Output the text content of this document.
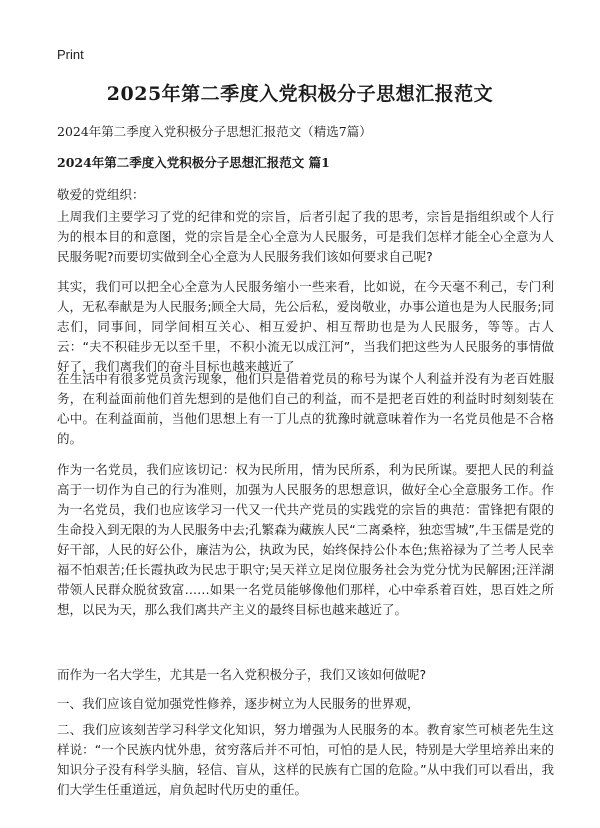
Print
2025年第二季度入党积极分子思想汇报范文

2024年第二季度入党积极分子思想汇报范文（精选7篇）

2024年第二季度入党积极分子思想汇报范文 篇1

敬爱的党组织：

上周我们主要学习了党的纪律和党的宗旨，后者引起了我的思考，宗旨是指组织或个人行为的根本目的和意图，党的宗旨是全心全意为人民服务，可是我们怎样才能全心全意为人民服务呢?而要切实做到全心全意为人民服务我们该如何要求自己呢?

其实，我们可以把全心全意为人民服务缩小一些来看，比如说，在今天毫不利己，专门利人，无私奉献是为人民服务;顾全大局，先公后私，爱岗敬业，办事公道也是为人民服务;同志们，同事间，同学间相互关心、相互爱护、相互帮助也是为人民服务，等等。古人云：“夫不积硅步无以至千里，不积小流无以成江河”，当我们把这些为人民服务的事情做好了，我们离我们的奋斗目标也越来越近了

在生活中有很多党员贪污现象，他们只是借着党员的称号为谋个人利益并没有为老百姓服务，在利益面前他们首先想到的是他们自己的利益，而不是把老百姓的利益时时刻刻装在心中。在利益面前，当他们思想上有一丁儿点的犹豫时就意味着作为一名党员他是不合格的。

作为一名党员，我们应该切记：权为民所用，情为民所系，利为民所谋。要把人民的利益高于一切作为自己的行为准则，加强为人民服务的思想意识，做好全心全意服务工作。作为一名党员，我们也应该学习一代又一代共产党员的实践党的宗旨的典范：雷锋把有限的生命投入到无限的为人民服务中去;孔繁森为藏族人民“二离桑梓，独恋雪城”,牛玉儒是党的好干部，人民的好公仆，廉洁为公，执政为民，始终保持公仆本色;焦裕禄为了兰考人民幸福不怕艰苦;任长霞执政为民忠于职守;吴天祥立足岗位服务社会为党分忧为民解困;汪洋湖带领人民群众脱贫致富……如果一名党员能够像他们那样，心中牵系着百姓，思百姓之所想，以民为天，那么我们离共产主义的最终目标也越来越近了。

而作为一名大学生，尤其是一名入党积极分子，我们又该如何做呢?

一、我们应该自觉加强党性修养，逐步树立为人民服务的世界观，

二、我们应该刻苦学习科学文化知识，努力增强为人民服务的本。教育家竺可桢老先生这样说：“一个民族内忧外患，贫穷落后并不可怕，可怕的是人民，特别是大学里培养出来的知识分子没有科学头脑，轻信、盲从，这样的民族有亡国的危险。”从中我们可以看出，我们大学生任重道远，肩负起时代历史的重任。
